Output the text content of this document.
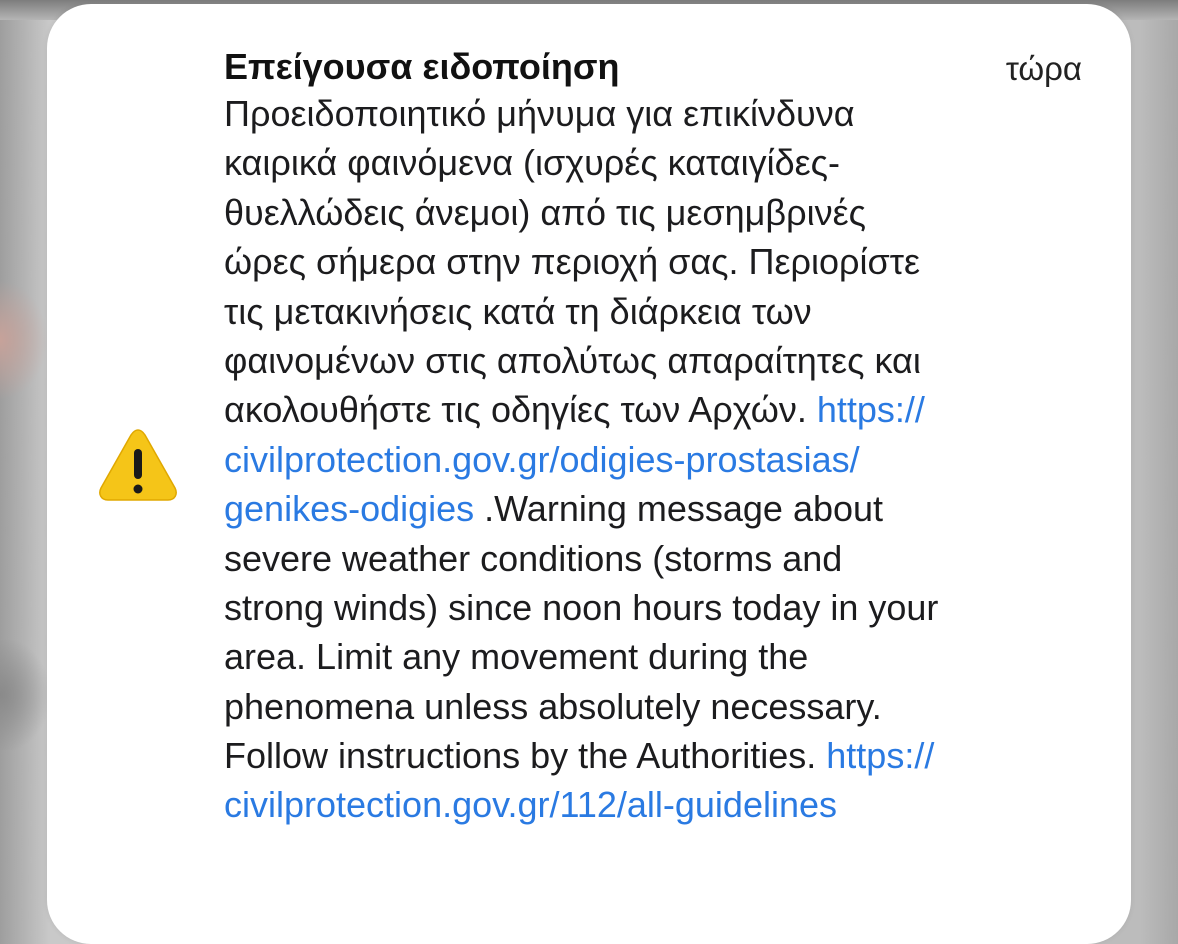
Επείγουσα ειδοποίηση	τώρα
Προειδοποιητικό μήνυμα για επικίνδυνα
καιρικά φαινόμενα (ισχυρές καταιγίδες-
θυελλώδεις άνεμοι) από τις μεσημβρινές
ώρες σήμερα στην περιοχή σας. Περιορίστε
τις μετακινήσεις κατά τη διάρκεια των
φαινομένων στις απολύτως απαραίτητες και
ακολουθήστε τις οδηγίες των Αρχών. https://
civilprotection.gov.gr/odigies-prostasias/
genikes-odigies .Warning message about
severe weather conditions (storms and
strong winds) since noon hours today in your
area. Limit any movement during the
phenomena unless absolutely necessary.
Follow instructions by the Authorities. https://
civilprotection.gov.gr/112/all-guidelines
